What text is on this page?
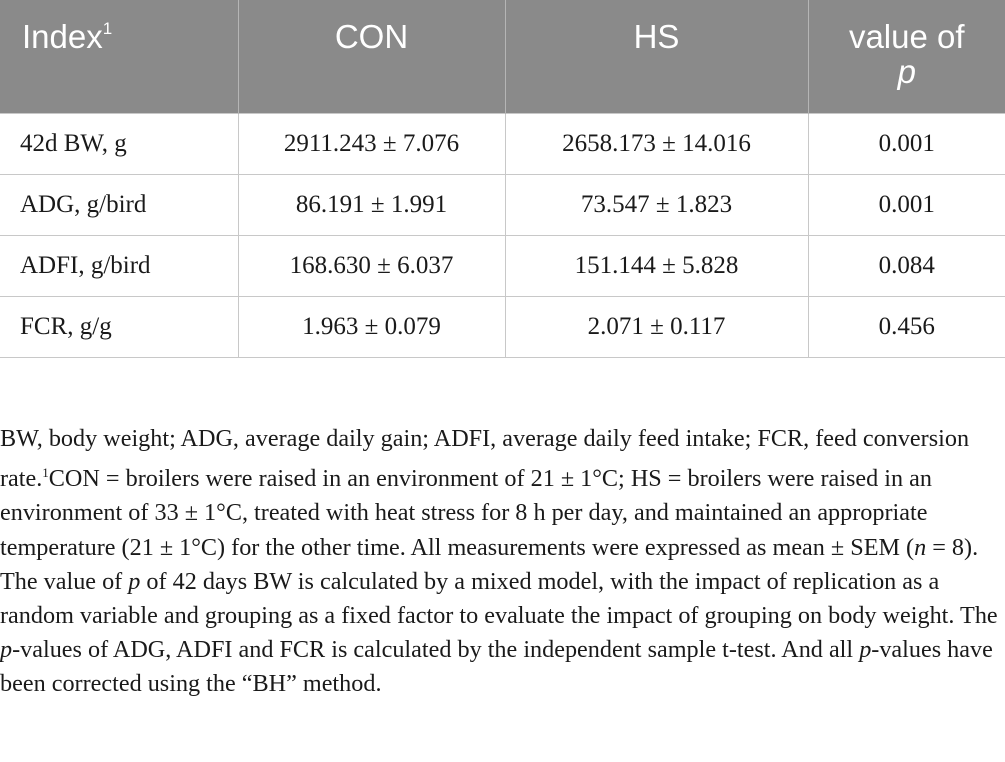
Index$^1$	CON	HS	value of
p
42d BW, g	2911.243 ± 7.076	2658.173 ± 14.016	0.001
ADG, g/bird	86.191 ± 1.991	73.547 ± 1.823	0.001
ADFI, g/bird	168.630 ± 6.037	151.144 ± 5.828	0.084
FCR, g/g	1.963 ± 0.079	2.071 ± 0.117	0.456
BW, body weight; ADG, average daily gain; ADFI, average daily feed intake; FCR, feed conversion rate.$^1$CON = broilers were raised in an environment of 21 ± 1°C; HS = broilers were raised in an environment of 33 ± 1°C, treated with heat stress for 8 h per day, and maintained an appropriate temperature (21 ± 1°C) for the other time. All measurements were expressed as mean ± SEM (n = 8). The value of p of 42 days BW is calculated by a mixed model, with the impact of replication as a random variable and grouping as a fixed factor to evaluate the impact of grouping on body weight. The p-values of ADG, ADFI and FCR is calculated by the independent sample t-test. And all p-values have been corrected using the “BH” method.
